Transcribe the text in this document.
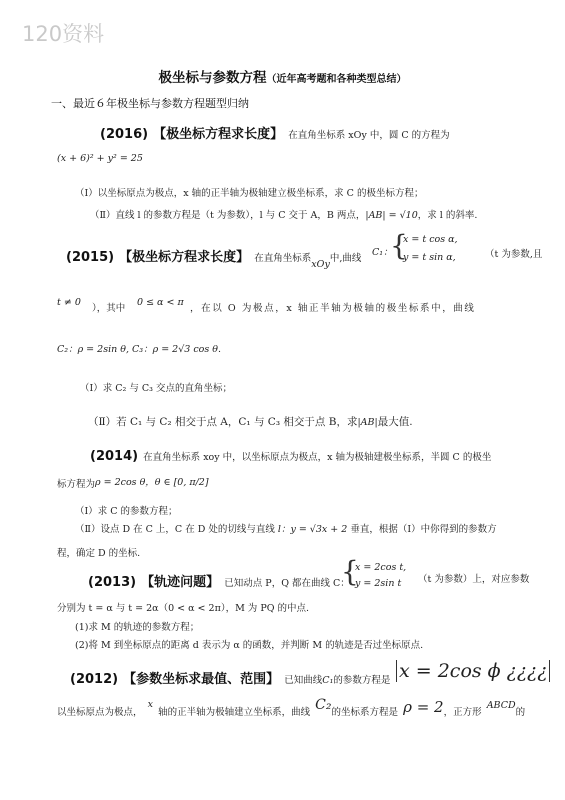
120资料
极坐标与参数方程（近年高考题和各种类型总结）
一、最近６年极坐标与参数方程题型归纳
(2016) 【极坐标方程求长度】 在直角坐标系 xOy 中，圆 C 的方程为
(x + 6)² + y² = 25
（Ⅰ）以坐标原点为极点，x 轴的正半轴为极轴建立极坐标系，求 C 的极坐标方程；
（Ⅱ）直线 l 的参数方程是（t 为参数），l 与 C 交于 A，B 两点，|AB| = √10，求 l 的斜率.
(2015) 【极坐标方程求长度】 在直角坐标系$_{xOy}$中,曲线
C₁：
{
x = t cos α,
y = t sin α,	（t 为参数,且
t ≠ 0
），其中
0 ≤ α < π
，在以 O 为极点，x 轴正半轴为极轴的极坐标系中，曲线
C₂：ρ = 2sin θ, C₃：ρ = 2√3 cos θ.
（Ⅰ）求 C₂ 与 C₃ 交点的直角坐标；
（Ⅱ）若 C₁ 与 C₂ 相交于点 A，C₁ 与 C₃ 相交于点 B，求|AB|最大值.
(2014) 在直角坐标系 xoy 中，以坐标原点为极点，x 轴为极轴建极坐标系，半圆 C 的极坐
标方程为 ρ = 2cos θ，θ ∈ [0, π/2]
（Ⅰ）求 C 的参数方程；
（Ⅱ）设点 D 在 C 上，C 在 D 处的切线与直线 l：y = √3x + 2 垂直，根据（Ⅰ）中你得到的参数方
程，确定 D 的坐标.
(2013) 【轨迹问题】 已知动点 P，Q 都在曲线 C：
{
x = 2cos t,
y = 2sin t （t 为参数）上，对应参数
分别为 t = α 与 t = 2α（0 < α < 2π），M 为 PQ 的中点.
(1)求 M 的轨迹的参数方程；
(2)将 M 到坐标原点的距离 d 表示为 α 的函数，并判断 M 的轨迹是否过坐标原点.
(2012) 【参数坐标求最值、范围】 已知曲线C₁的参数方程是 x = 2cos ϕ ¿¿¿¿
以坐标原点为极点， $^x$ 轴的正半轴为极轴建立坐标系，曲线 C₂的坐标系方程是 ρ = 2，正方形 $^{ABCD}$的
